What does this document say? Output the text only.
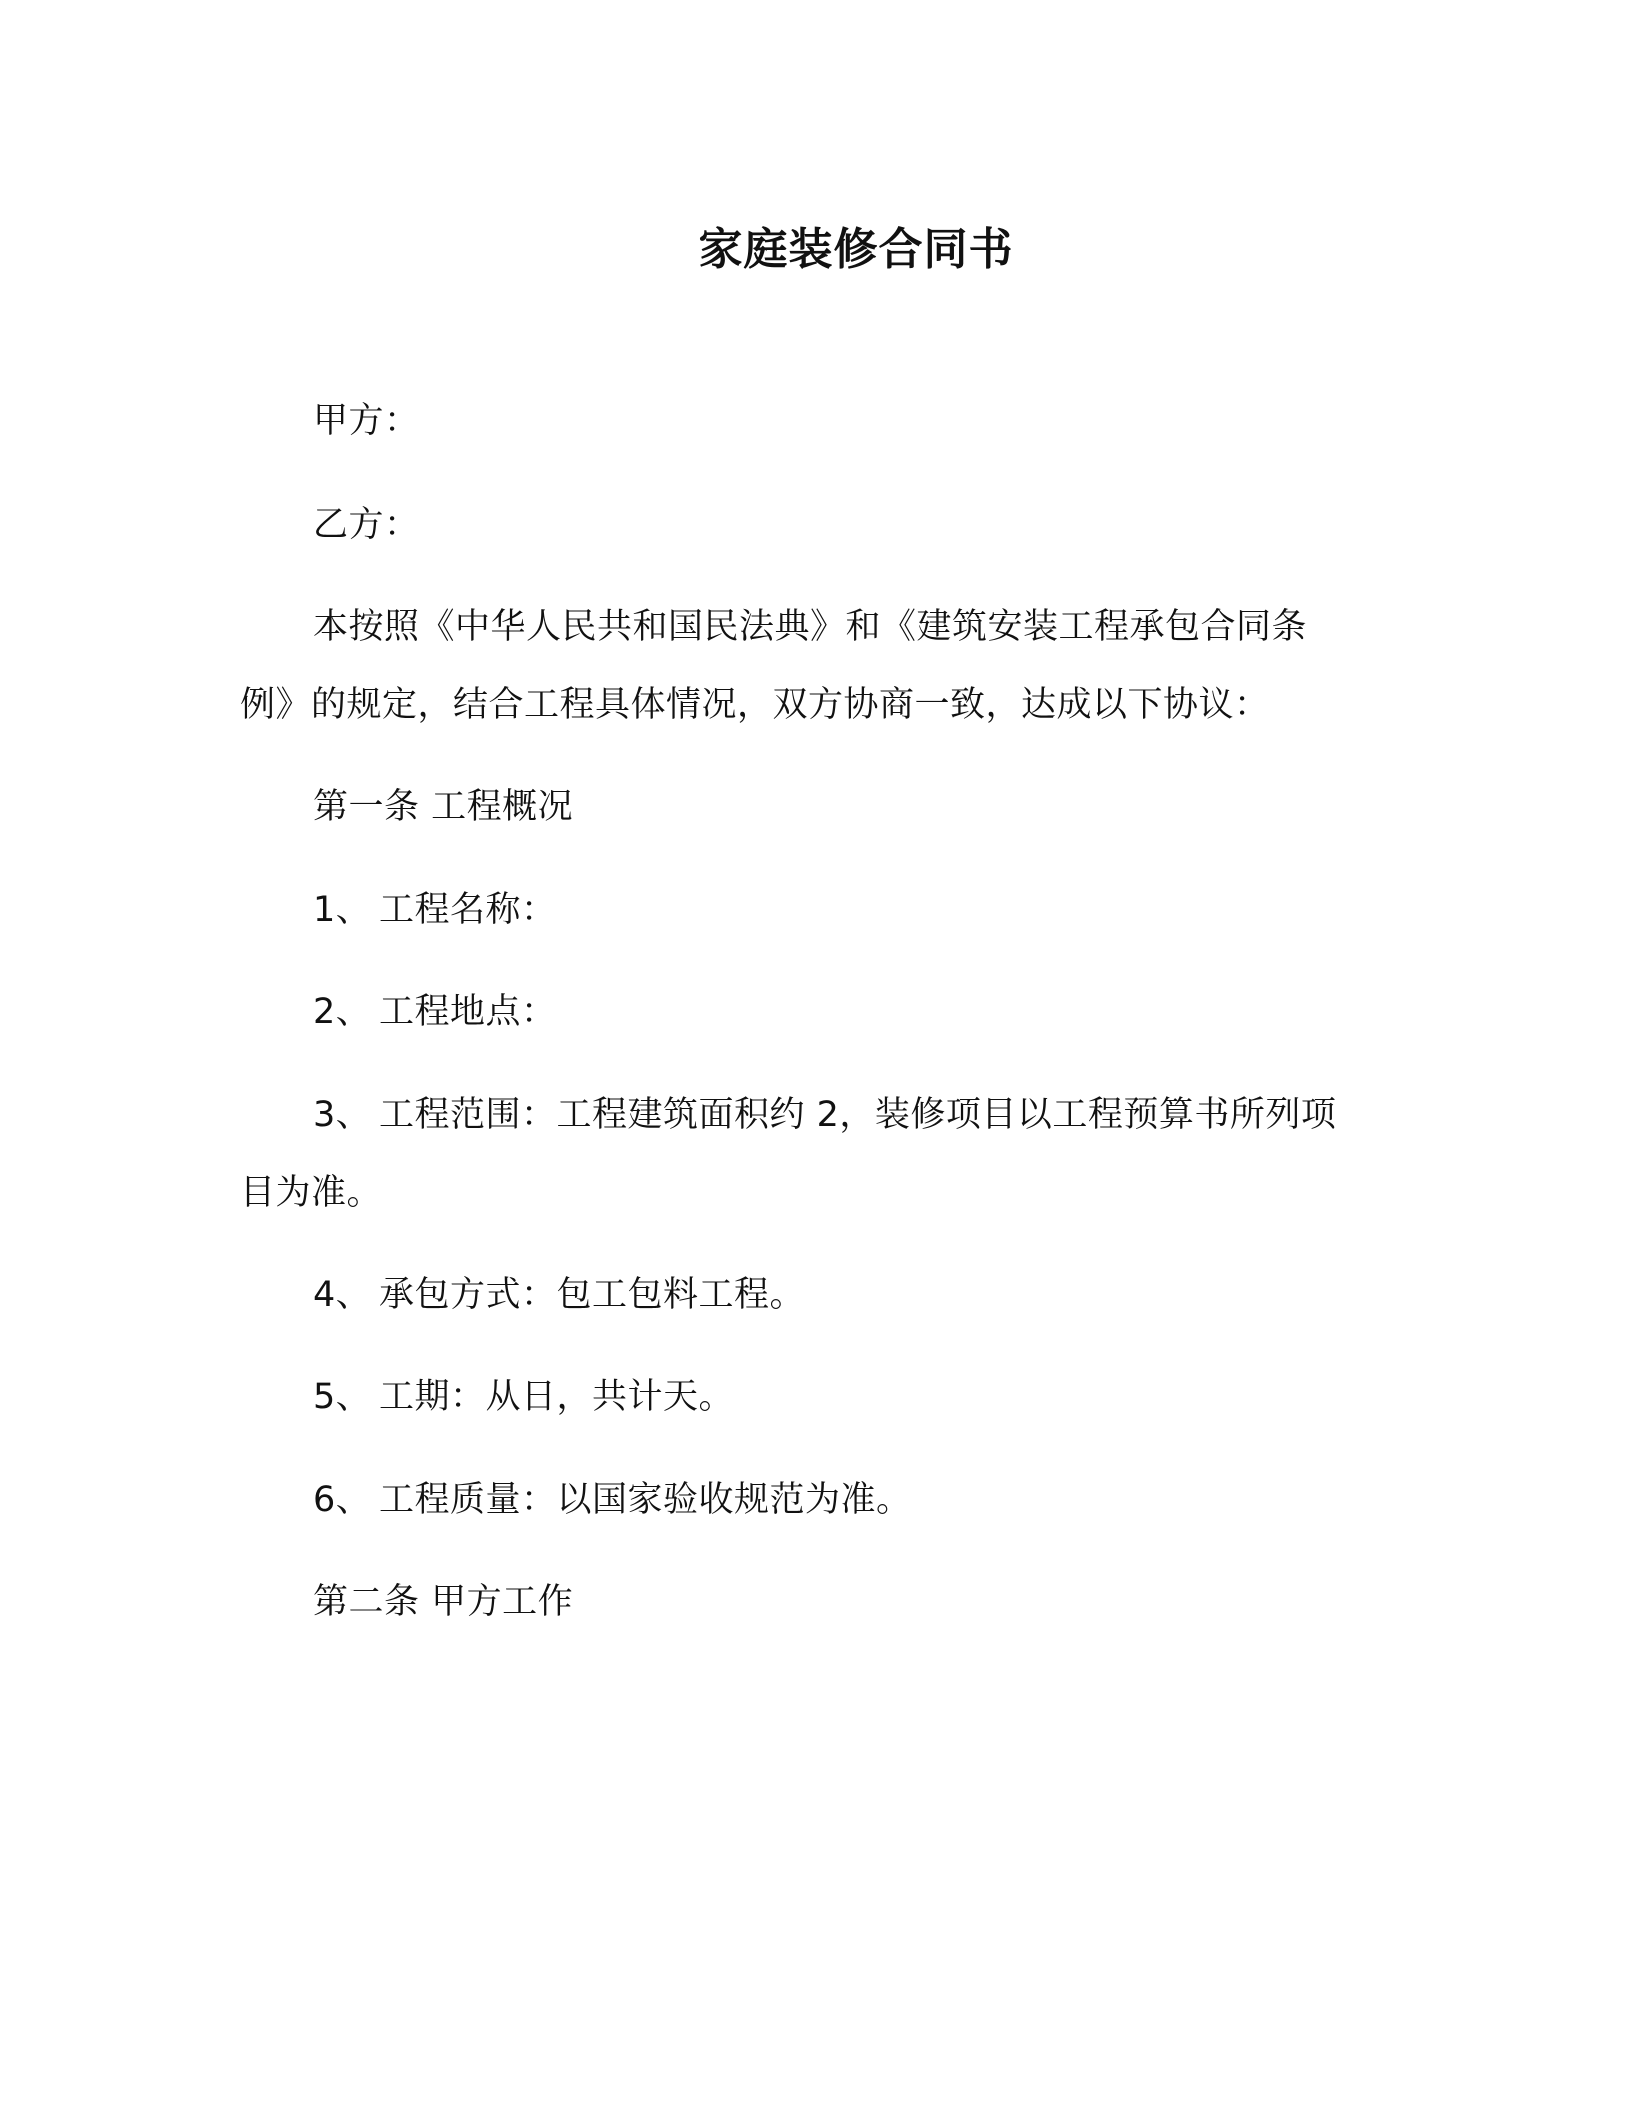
家庭装修合同书
甲方：
乙方：
本按照《中华人民共和国民法典》和《建筑安装工程承包合同条
例》的规定，结合工程具体情况，双方协商一致，达成以下协议：
第一条 工程概况
1、 工程名称：
2、 工程地点：
3、 工程范围：工程建筑面积约 2，装修项目以工程预算书所列项
目为准。
4、 承包方式：包工包料工程。
5、 工期：从日，共计天。
6、 工程质量：以国家验收规范为准。
第二条 甲方工作
